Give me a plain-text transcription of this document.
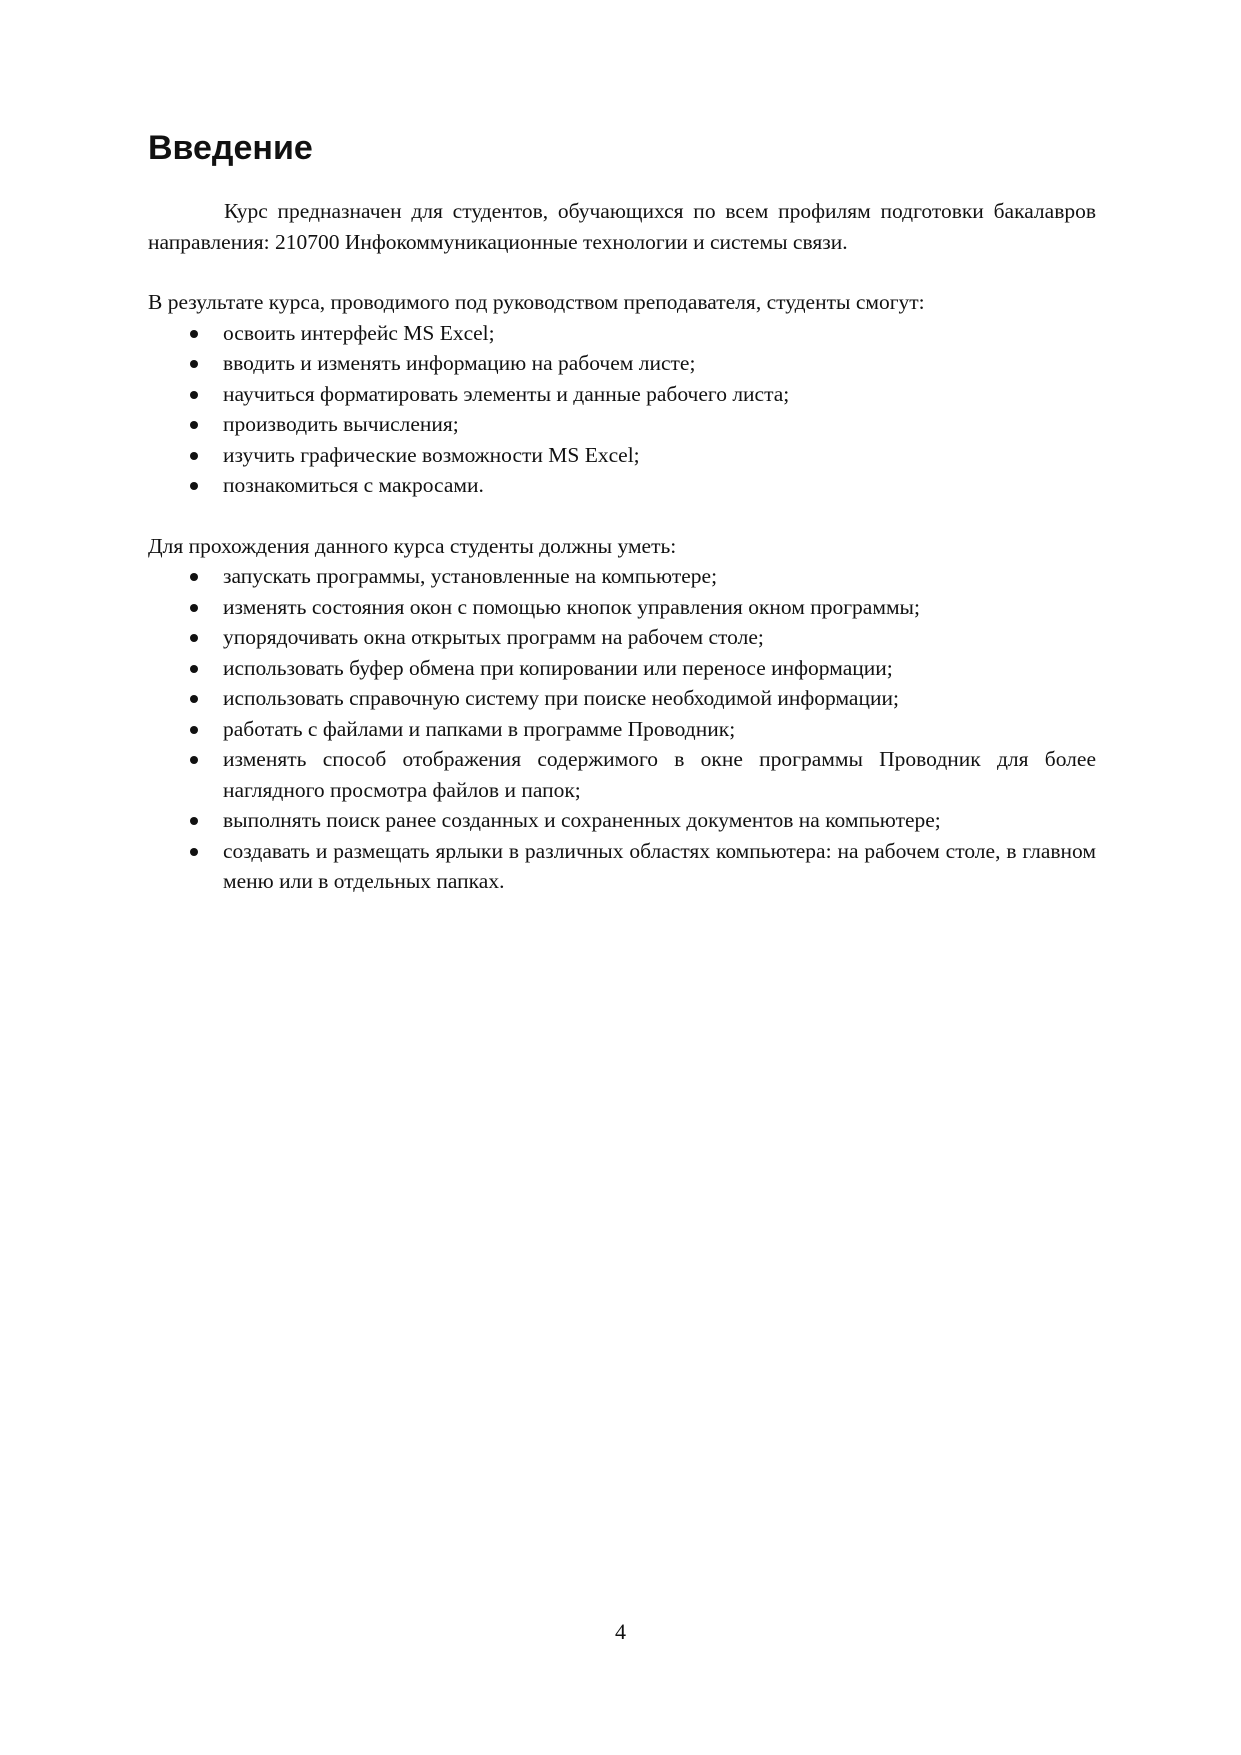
Введение

Курс предназначен для студентов, обучающихся по всем профилям подготовки бакалавров направления: 210700 Инфокоммуникационные технологии и системы связи.

В результате курса, проводимого под руководством преподавателя, студенты смогут:

освоить интерфейс MS Excel;
вводить и изменять информацию на рабочем листе;
научиться форматировать элементы и данные рабочего листа;
производить вычисления;
изучить графические возможности MS Excel;
познакомиться с макросами.

Для прохождения данного курса студенты должны уметь:

запускать программы, установленные на компьютере;
изменять состояния окон с помощью кнопок управления окном программы;
упорядочивать окна открытых программ на рабочем столе;
использовать буфер обмена при копировании или переносе информации;
использовать справочную систему при поиске необходимой информации;
работать с файлами и папками в программе Проводник;
изменять способ отображения содержимого в окне программы Проводник для более наглядного просмотра файлов и папок;
выполнять поиск ранее созданных и сохраненных документов на компьютере;
создавать и размещать ярлыки в различных областях компьютера: на рабочем столе, в главном меню или в отдельных папках.
4
